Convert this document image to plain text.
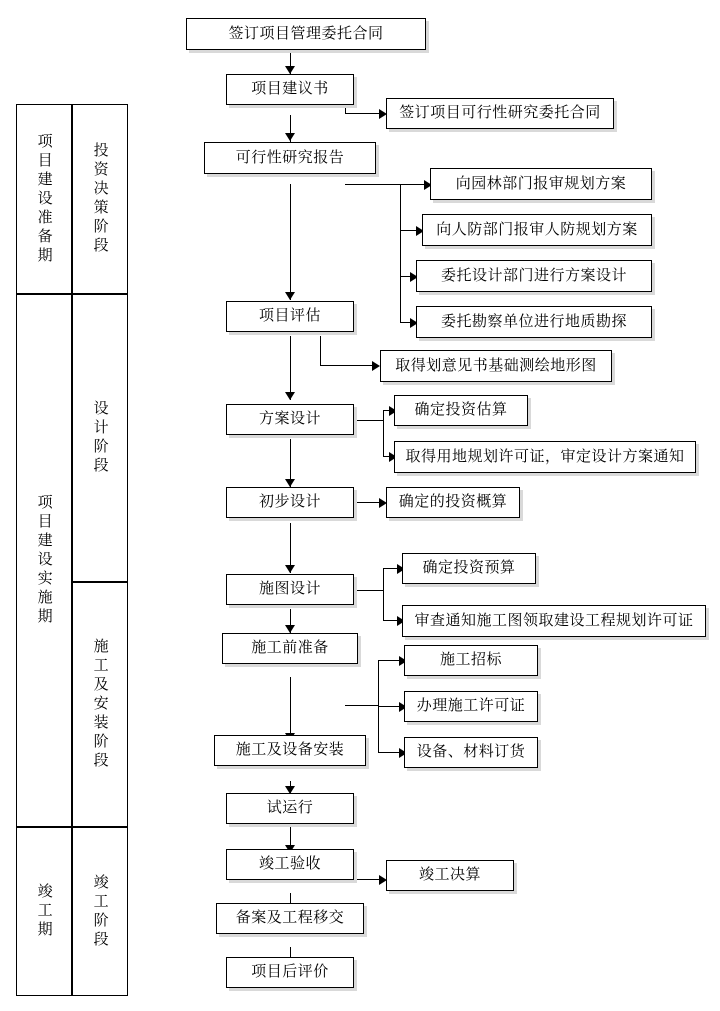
项目建设准备期	投资决策阶段
项目建设实施期
设计阶段
施工及安装阶段
竣工期	竣工阶段
签订项目管理委托合同
项目建议书
可行性研究报告
项目评估
方案设计
初步设计
施图设计
施工前准备
施工及设备安装
试运行
竣工验收
备案及工程移交
项目后评价
签订项目可行性研究委托合同
向园林部门报审规划方案
向人防部门报审人防规划方案
委托设计部门进行方案设计
委托勘察单位进行地质勘探
取得划意见书基础测绘地形图
确定投资估算
取得用地规划许可证，审定设计方案通知
确定的投资概算
确定投资预算
审查通知施工图领取建设工程规划许可证
施工招标
办理施工许可证
设备、材料订货
竣工决算
